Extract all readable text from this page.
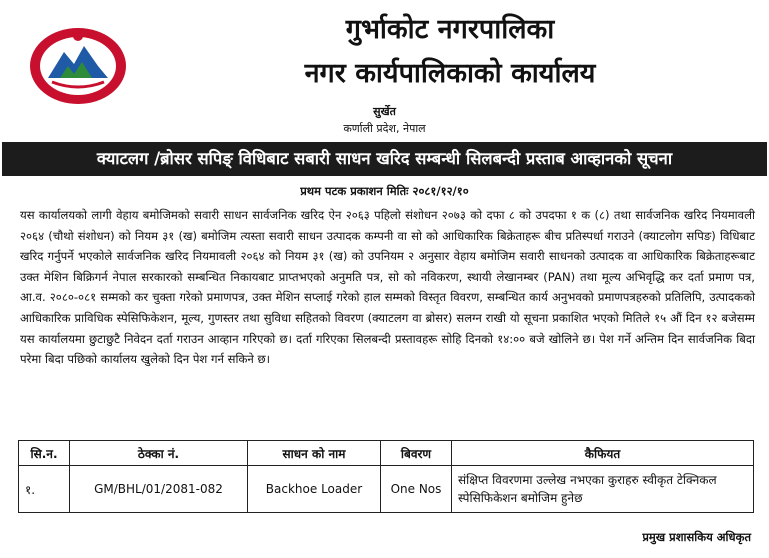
गुर्भाकोट नगरपालिका
नगर कार्यपालिकाको कार्यालय
सुर्खेत
कर्णाली प्रदेश, नेपाल
क्याटलग /ब्रोसर सपिङ् विधिबाट सबारी साधन खरिद सम्बन्धी सिलबन्दी प्रस्ताब आव्हानको सूचना
प्रथम पटक प्रकाशन मितिः २०८१/१२/१०
यस कार्यालयको लागी वेहाय बमोजिमको सवारी साधन सार्वजनिक खरिद ऐन २०६३ पहिलो संशोधन २०७३ को दफा ८ को उपदफा १ क (८) तथा सार्वजनिक खरिद नियमावली २०६४ (चौथो संशोधन) को नियम ३१ (ख) बमोजिम त्यस्ता सवारी साधन उत्पादक कम्पनी वा सो को आधिकारिक बिक्रेताहरू बीच प्रतिस्पर्धा गराउने (क्याटलोग सपिङ) विधिबाट खरिद गर्नुपर्ने भएकोले सार्वजनिक खरिद नियमावली २०६४ को नियम ३१ (ख) को उपनियम २ अनुसार वेहाय बमोजिम सवारी साधनको उत्पादक वा आधिकारिक बिक्रेताहरूबाट उक्त मेशिन बिक्रिगर्न नेपाल सरकारको सम्बन्धित निकायबाट प्राप्तभएको अनुमति पत्र, सो को नविकरण, स्थायी लेखानम्बर (PAN) तथा मूल्य अभिवृद्धि कर दर्ता प्रमाण पत्र, आ.व. २०८०-०८१ सम्मको कर चुक्ता गरेको प्रमाणपत्र, उक्त मेशिन सप्लाई गरेको हाल सम्मको विस्तृत विवरण, सम्बन्धित कार्य अनुभवको प्रमाणपत्रहरुको प्रतिलिपि, उत्पादकको आधिकारिक प्राविधिक स्पेसिफिकेशन, मूल्य, गुणस्तर तथा सुविधा सहितको विवरण (क्याटलग वा ब्रोसर) सलग्न राखी यो सूचना प्रकाशित भएको मितिले १५ औं दिन १२ बजेसम्म यस कार्यालयमा छुटाछुटै निवेदन दर्ता गराउन आव्हान गरिएको छ। दर्ता गरिएका सिलबन्दी प्रस्तावहरू सोहि दिनको १४:०० बजे खोलिने छ। पेश गर्ने अन्तिम दिन सार्वजनिक बिदा परेमा बिदा पछिको कार्यालय खुलेको दिन पेश गर्न सकिने छ।
सि.न.	ठेक्का नं.	साधन को नाम	बिवरण	कैफियत
१.	GM/BHL/01/2081-082	Backhoe Loader	One Nos	संक्षिप्त विवरणमा उल्लेख नभएका कुराहरु स्वीकृत टेक्निकल स्पेसिफिकेशन बमोजिम हुनेछ
प्रमुख प्रशासकिय अधिकृत
